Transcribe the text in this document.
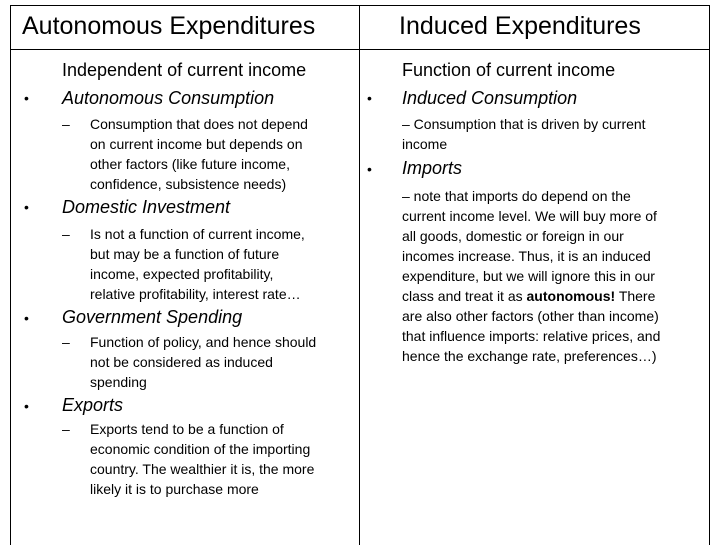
Autonomous Expenditures	Induced Expenditures
Independent of current income
• Autonomous Consumption
– Consumption that does not depend
on current income but depends on
other factors (like future income,
confidence, subsistence needs)
• Domestic Investment
– Is not a function of current income,
but may be a function of future
income, expected profitability,
relative profitability, interest rate…
• Government Spending
– Function of policy, and hence should
not be considered as induced
spending
• Exports
– Exports tend to be a function of
economic condition of the importing
country. The wealthier it is, the more
likely it is to purchase more
Function of current income
• Induced Consumption
– Consumption that is driven by current
income
• Imports
– note that imports do depend on the
current income level. We will buy more of
all goods, domestic or foreign in our
incomes increase. Thus, it is an induced
expenditure, but we will ignore this in our
class and treat it as autonomous! There
are also other factors (other than income)
that influence imports: relative prices, and
hence the exchange rate, preferences…)
